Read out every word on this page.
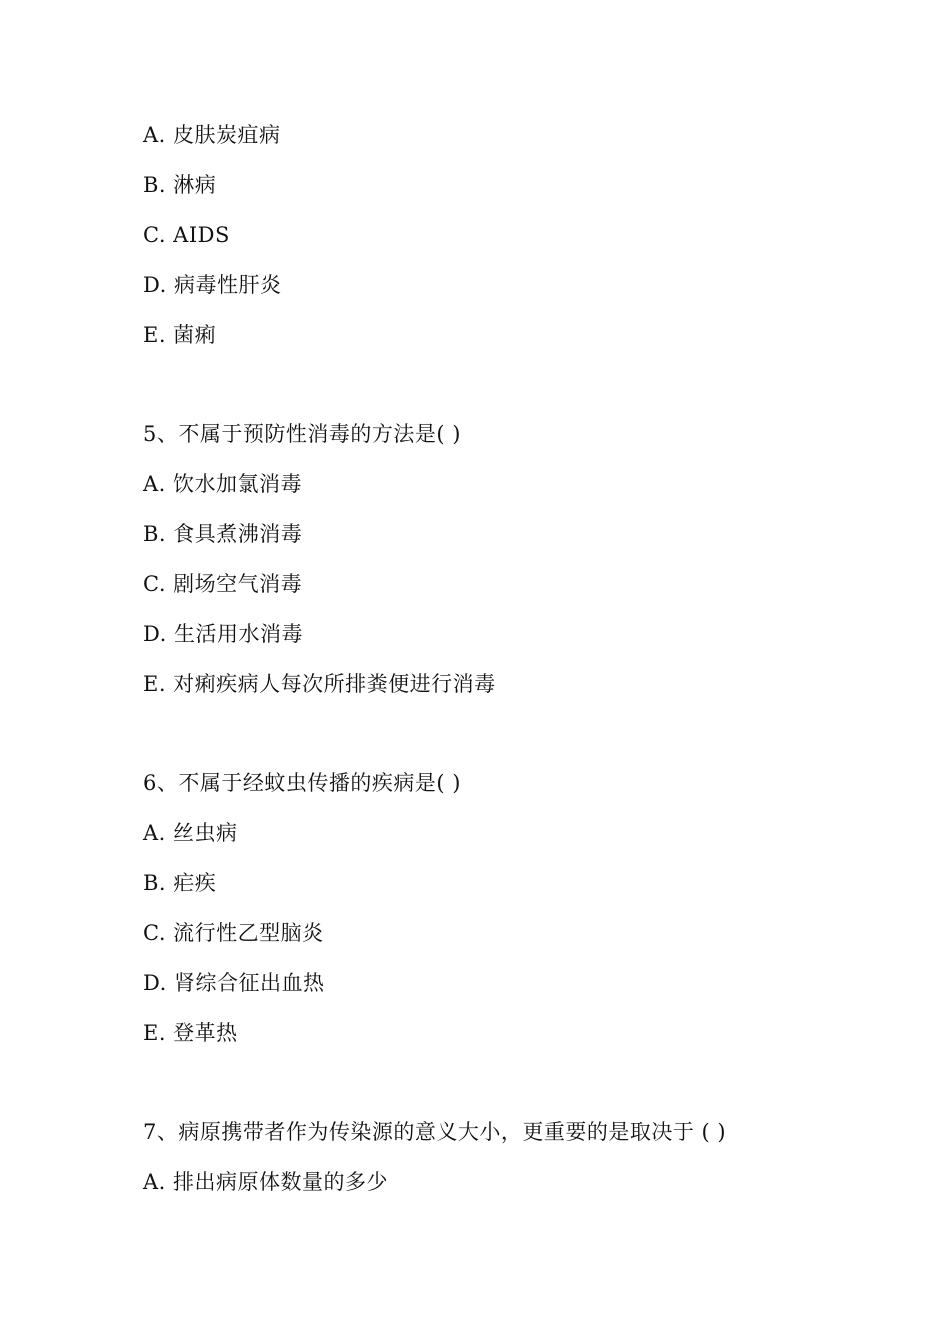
A. 皮肤炭疽病
B. 淋病
C. AIDS
D. 病毒性肝炎
E. 菌痢
5、不属于预防性消毒的方法是( )
A. 饮水加氯消毒
B. 食具煮沸消毒
C. 剧场空气消毒
D. 生活用水消毒
E. 对痢疾病人每次所排粪便进行消毒
6、不属于经蚊虫传播的疾病是( )
A. 丝虫病
B. 疟疾
C. 流行性乙型脑炎
D. 肾综合征出血热
E. 登革热
7、病原携带者作为传染源的意义大小，更重要的是取决于 ( )
A. 排出病原体数量的多少
